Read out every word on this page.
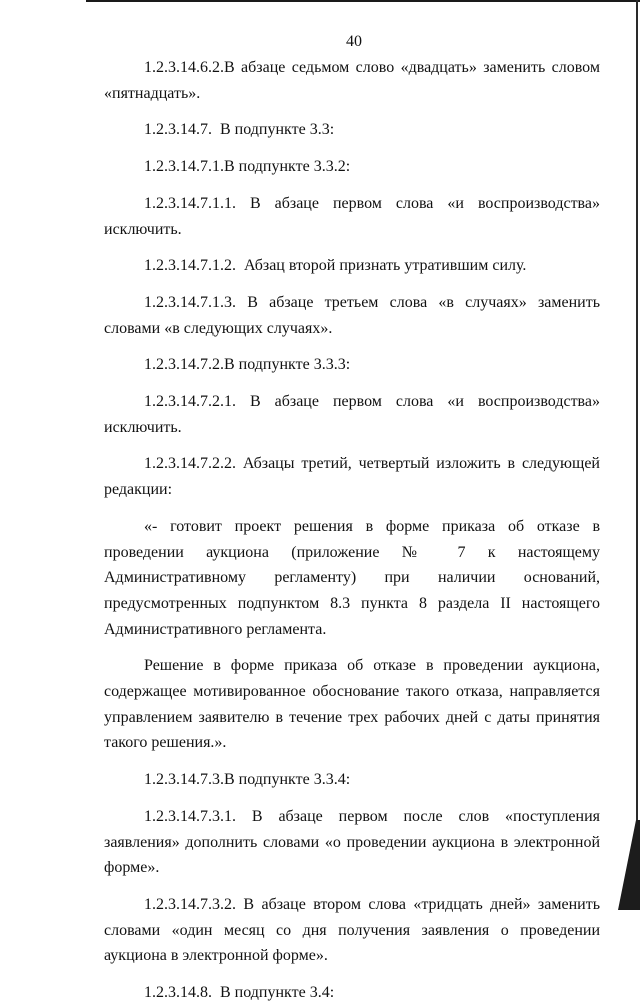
40

1.2.3.14.6.2.В абзаце седьмом слово «двадцать» заменить словом «пятнадцать».

1.2.3.14.7.  В подпункте 3.3:

1.2.3.14.7.1.В подпункте 3.3.2:

1.2.3.14.7.1.1. В абзаце первом слова «и воспроизводства» исключить.

1.2.3.14.7.1.2.  Абзац второй признать утратившим силу.

1.2.3.14.7.1.3. В абзаце третьем слова «в случаях» заменить словами «в следующих случаях».

1.2.3.14.7.2.В подпункте 3.3.3:

1.2.3.14.7.2.1. В абзаце первом слова «и воспроизводства» исключить.

1.2.3.14.7.2.2. Абзацы третий, четвертый изложить в следующей редакции:

«- готовит проект решения в форме приказа об отказе в проведении аукциона (приложение № 7 к настоящему Административному регламенту) при наличии оснований, предусмотренных подпунктом 8.3 пункта 8 раздела II настоящего Административного регламента.

Решение в форме приказа об отказе в проведении аукциона, содержащее мотивированное обоснование такого отказа, направляется управлением заявителю в течение трех рабочих дней с даты принятия такого решения.».

1.2.3.14.7.3.В подпункте 3.3.4:

1.2.3.14.7.3.1. В абзаце первом после слов «поступления заявления» дополнить словами «о проведении аукциона в электронной форме».

1.2.3.14.7.3.2. В абзаце втором слова «тридцать дней» заменить словами «один месяц со дня получения заявления о проведении аукциона в электронной форме».

1.2.3.14.8.  В подпункте 3.4:
